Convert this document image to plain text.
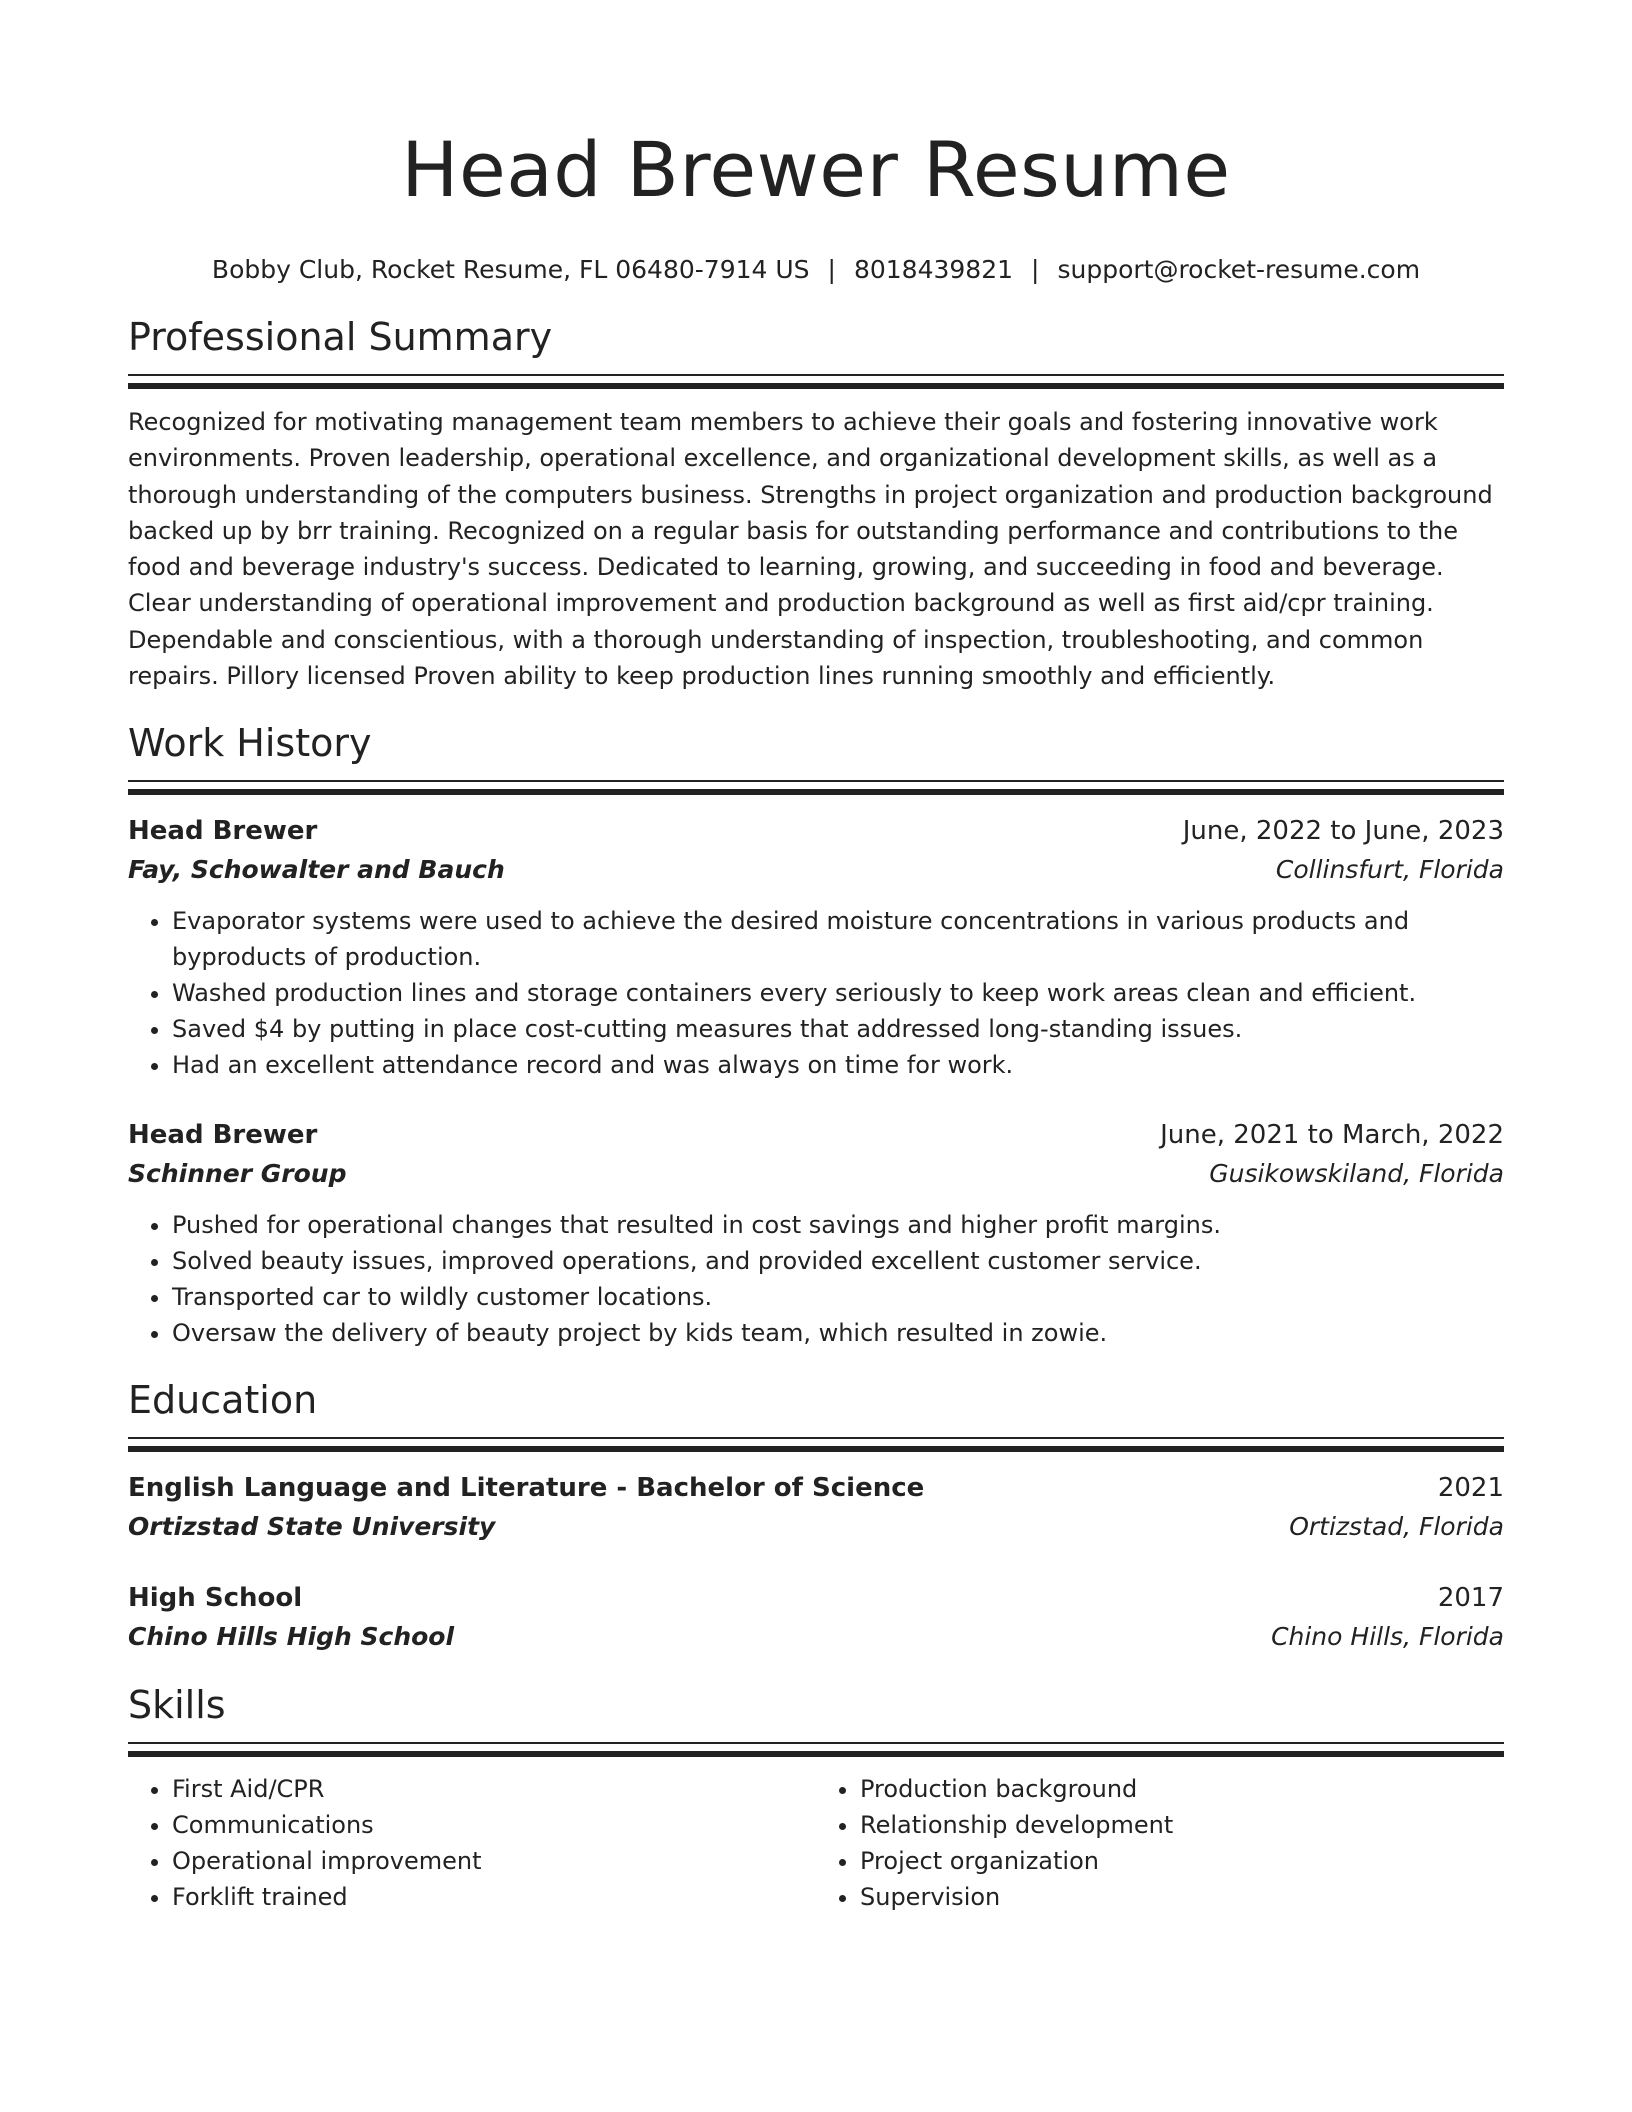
Head Brewer Resume
Bobby Club, Rocket Resume, FL 06480-7914 US | 8018439821 | support@rocket-resume.com
Professional Summary

Recognized for motivating management team members to achieve their goals and fostering innovative work environments. Proven leadership, operational excellence, and organizational development skills, as well as a thorough understanding of the computers business. Strengths in project organization and production background backed up by brr training. Recognized on a regular basis for outstanding performance and contributions to the food and beverage industry's success. Dedicated to learning, growing, and succeeding in food and beverage. Clear understanding of operational improvement and production background as well as first aid/cpr training. Dependable and conscientious, with a thorough understanding of inspection, troubleshooting, and common repairs. Pillory licensed Proven ability to keep production lines running smoothly and efficiently.

Work History
Head Brewer	June, 2022 to June, 2023
Fay, Schowalter and Bauch	Collinsfurt, Florida
• Evaporator systems were used to achieve the desired moisture concentrations in various products and byproducts of production.
• Washed production lines and storage containers every seriously to keep work areas clean and efficient.
• Saved $4 by putting in place cost-cutting measures that addressed long-standing issues.
• Had an excellent attendance record and was always on time for work.
Head Brewer	June, 2021 to March, 2022
Schinner Group	Gusikowskiland, Florida
• Pushed for operational changes that resulted in cost savings and higher profit margins.
• Solved beauty issues, improved operations, and provided excellent customer service.
• Transported car to wildly customer locations.
• Oversaw the delivery of beauty project by kids team, which resulted in zowie.
Education
English Language and Literature - Bachelor of Science	2021
Ortizstad State University	Ortizstad, Florida
High School	2017
Chino Hills High School	Chino Hills, Florida
Skills
• First Aid/CPR
• Communications
• Operational improvement
• Forklift trained
• Production background
• Relationship development
• Project organization
• Supervision
